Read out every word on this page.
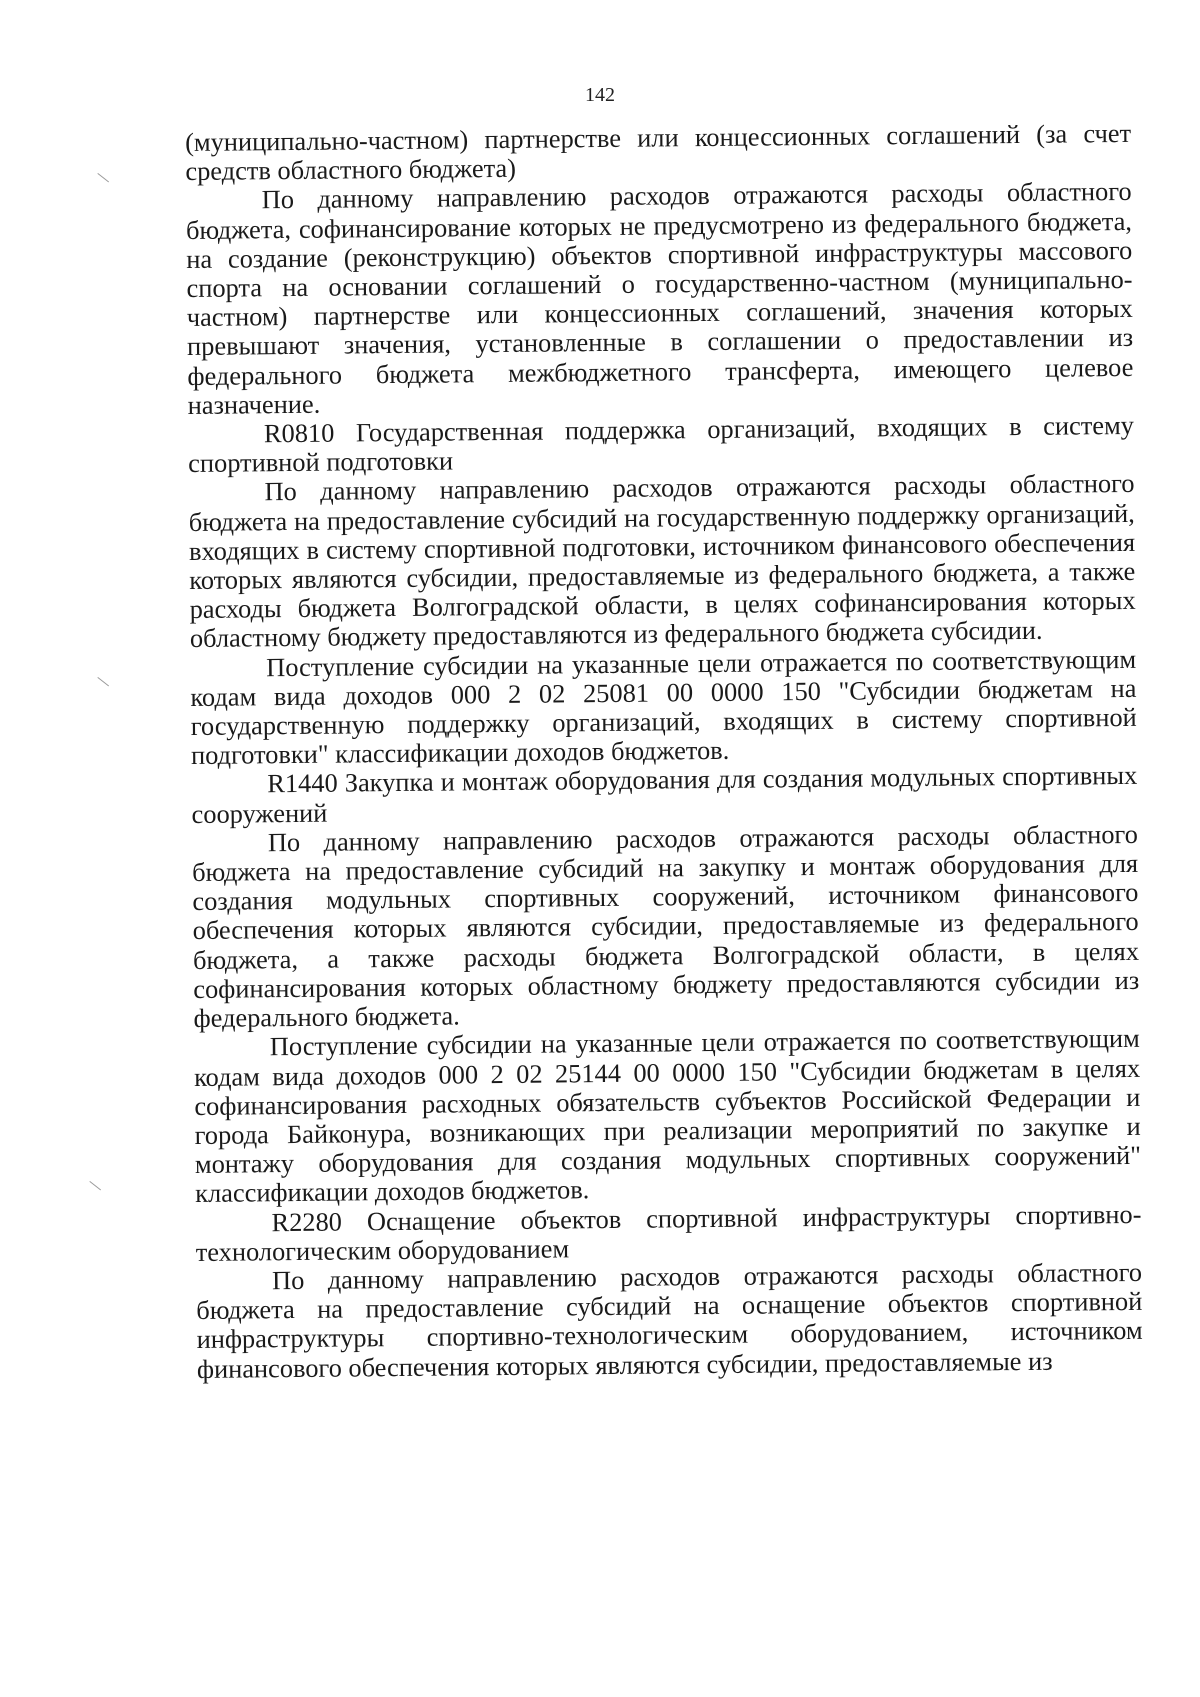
142

(муниципально-частном) партнерстве или концессионных соглашений (за счет средств областного бюджета)

По данному направлению расходов отражаются расходы областного бюджета, софинансирование которых не предусмотрено из федерального бюджета, на создание (реконструкцию) объектов спортивной инфраструктуры массового спорта на основании соглашений о государственно-частном (муниципально-частном) партнерстве или концессионных соглашений, значения которых превышают значения, установленные в соглашении о предоставлении из федерального бюджета межбюджетного трансферта, имеющего целевое назначение.

R0810 Государственная поддержка организаций, входящих в систему спортивной подготовки

По данному направлению расходов отражаются расходы областного бюджета на предоставление субсидий на государственную поддержку организаций, входящих в систему спортивной подготовки, источником финансового обеспечения которых являются субсидии, предоставляемые из федерального бюджета, а также расходы бюджета Волгоградской области, в целях софинансирования которых областному бюджету предоставляются из федерального бюджета субсидии.

Поступление субсидии на указанные цели отражается по соответствующим кодам вида доходов 000 2 02 25081 00 0000 150 "Субсидии бюджетам на государственную поддержку организаций, входящих в систему спортивной подготовки" классификации доходов бюджетов.

R1440 Закупка и монтаж оборудования для создания модульных спортивных сооружений

По данному направлению расходов отражаются расходы областного бюджета на предоставление субсидий на закупку и монтаж оборудования для создания модульных спортивных сооружений, источником финансового обеспечения которых являются субсидии, предоставляемые из федерального бюджета, а также расходы бюджета Волгоградской области, в целях софинансирования которых областному бюджету предоставляются субсидии из федерального бюджета.

Поступление субсидии на указанные цели отражается по соответствующим кодам вида доходов 000 2 02 25144 00 0000 150 "Субсидии бюджетам в целях софинансирования расходных обязательств субъектов Российской Федерации и города Байконура, возникающих при реализации мероприятий по закупке и монтажу оборудования для создания модульных спортивных сооружений" классификации доходов бюджетов.

R2280 Оснащение объектов спортивной инфраструктуры спортивно-технологическим оборудованием

По данному направлению расходов отражаются расходы областного бюджета на предоставление субсидий на оснащение объектов спортивной инфраструктуры спортивно-технологическим оборудованием, источником финансового обеспечения которых являются субсидии, предоставляемые из
